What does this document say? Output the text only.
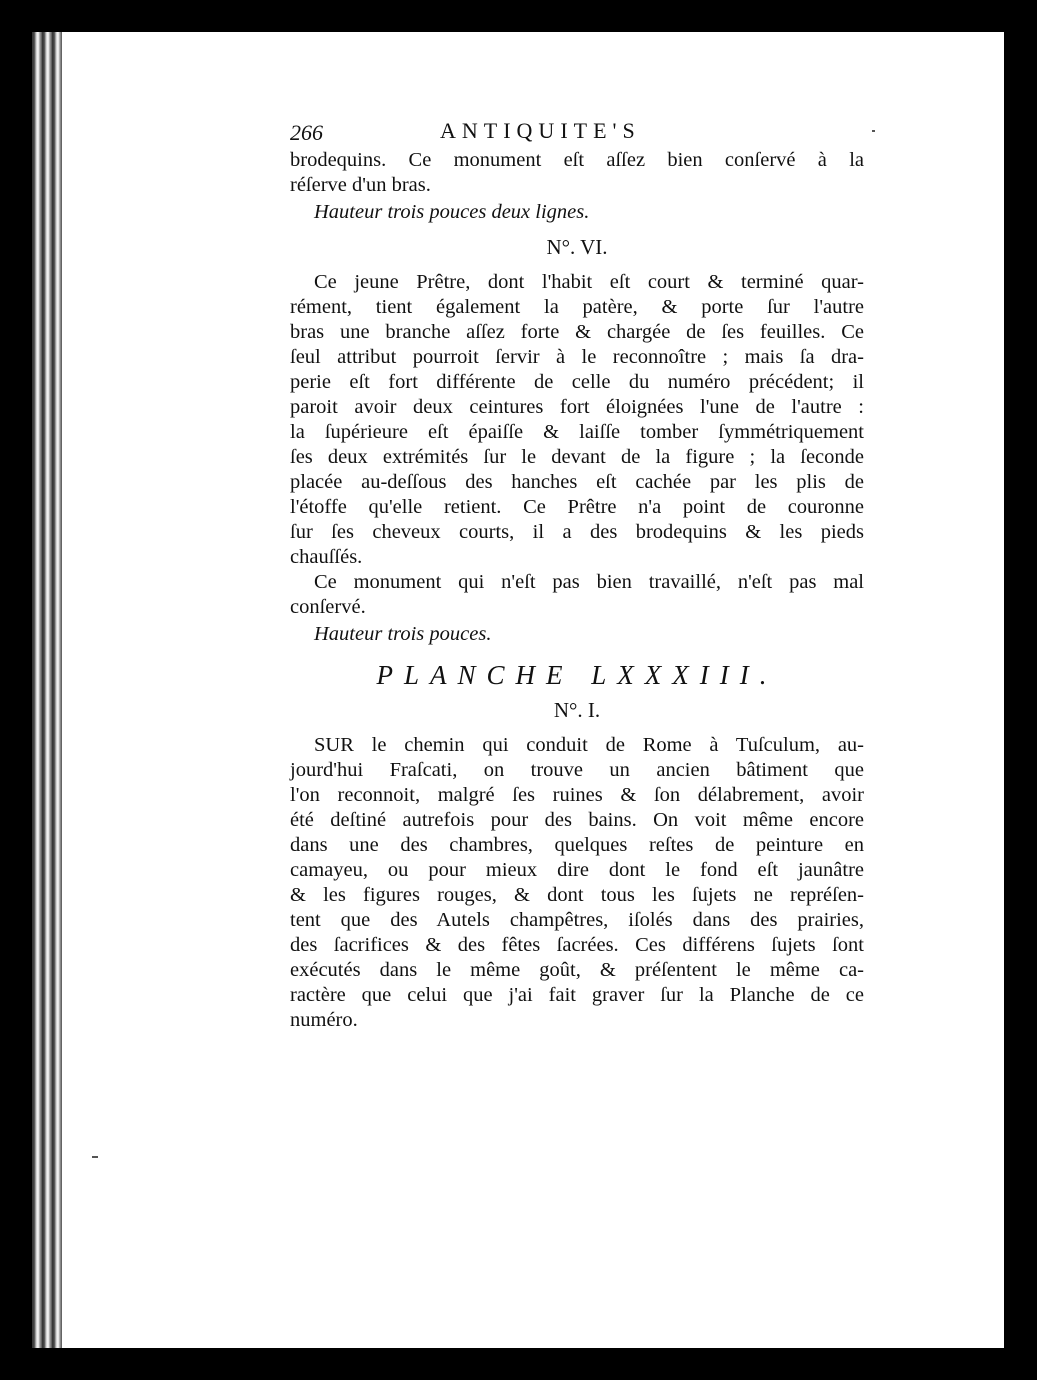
266	ANTIQUITE'S
brodequins. Ce monument eſt aſſez bien conſervé à la
réſerve d'un bras.

Hauteur trois pouces deux lignes.

N°. VI.
Ce jeune Prêtre, dont l'habit eſt court & terminé quar-
rément, tient également la patère, & porte ſur l'autre
bras une branche aſſez forte & chargée de ſes feuilles. Ce
ſeul attribut pourroit ſervir à le reconnoître ; mais ſa dra-
perie eſt fort différente de celle du numéro précédent; il
paroit avoir deux ceintures fort éloignées l'une de l'autre :
la ſupérieure eſt épaiſſe & laiſſe tomber ſymmétriquement
ſes deux extrémités ſur le devant de la figure ; la ſeconde
placée au-deſſous des hanches eſt cachée par les plis de
l'étoffe qu'elle retient. Ce Prêtre n'a point de couronne
ſur ſes cheveux courts, il a des brodequins & les pieds
chauſſés.
Ce monument qui n'eſt pas bien travaillé, n'eſt pas mal
conſervé.

Hauteur trois pouces.

PLANCHE LXXXIII.
N°. I.
SUR le chemin qui conduit de Rome à Tuſculum, au-
jourd'hui Fraſcati, on trouve un ancien bâtiment que
l'on reconnoit, malgré ſes ruines & ſon délabrement, avoir
été deſtiné autrefois pour des bains. On voit même encore
dans une des chambres, quelques reſtes de peinture en
camayeu, ou pour mieux dire dont le fond eſt jaunâtre
& les figures rouges, & dont tous les ſujets ne repréſen-
tent que des Autels champêtres, iſolés dans des prairies,
des ſacrifices & des fêtes ſacrées. Ces différens ſujets ſont
exécutés dans le même goût, & préſentent le même ca-
ractère que celui que j'ai fait graver ſur la Planche de ce
numéro.
